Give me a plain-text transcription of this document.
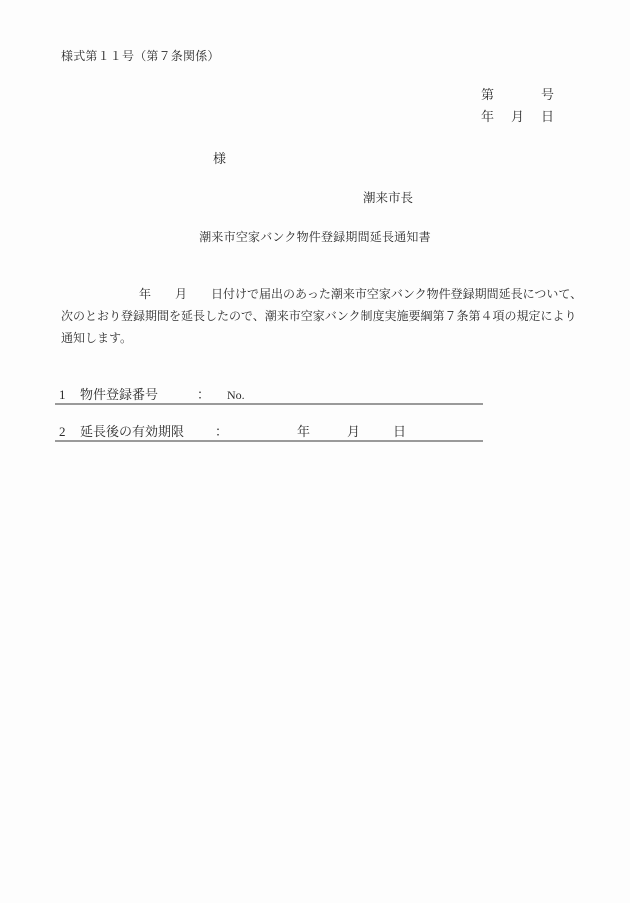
様式第１１号（第７条関係）
第	号
年 月 日
様
潮来市長
潮来市空家バンク物件登録期間延長通知書
年　　月　　日付けで届出のあった潮来市空家バンク物件登録期間延長について、
次のとおり登録期間を延長したので、潮来市空家バンク制度実施要綱第７条第４項の規定により
通知します。
1 物件登録番号	： No.
2 延長後の有効期限 ：	年	月	日
